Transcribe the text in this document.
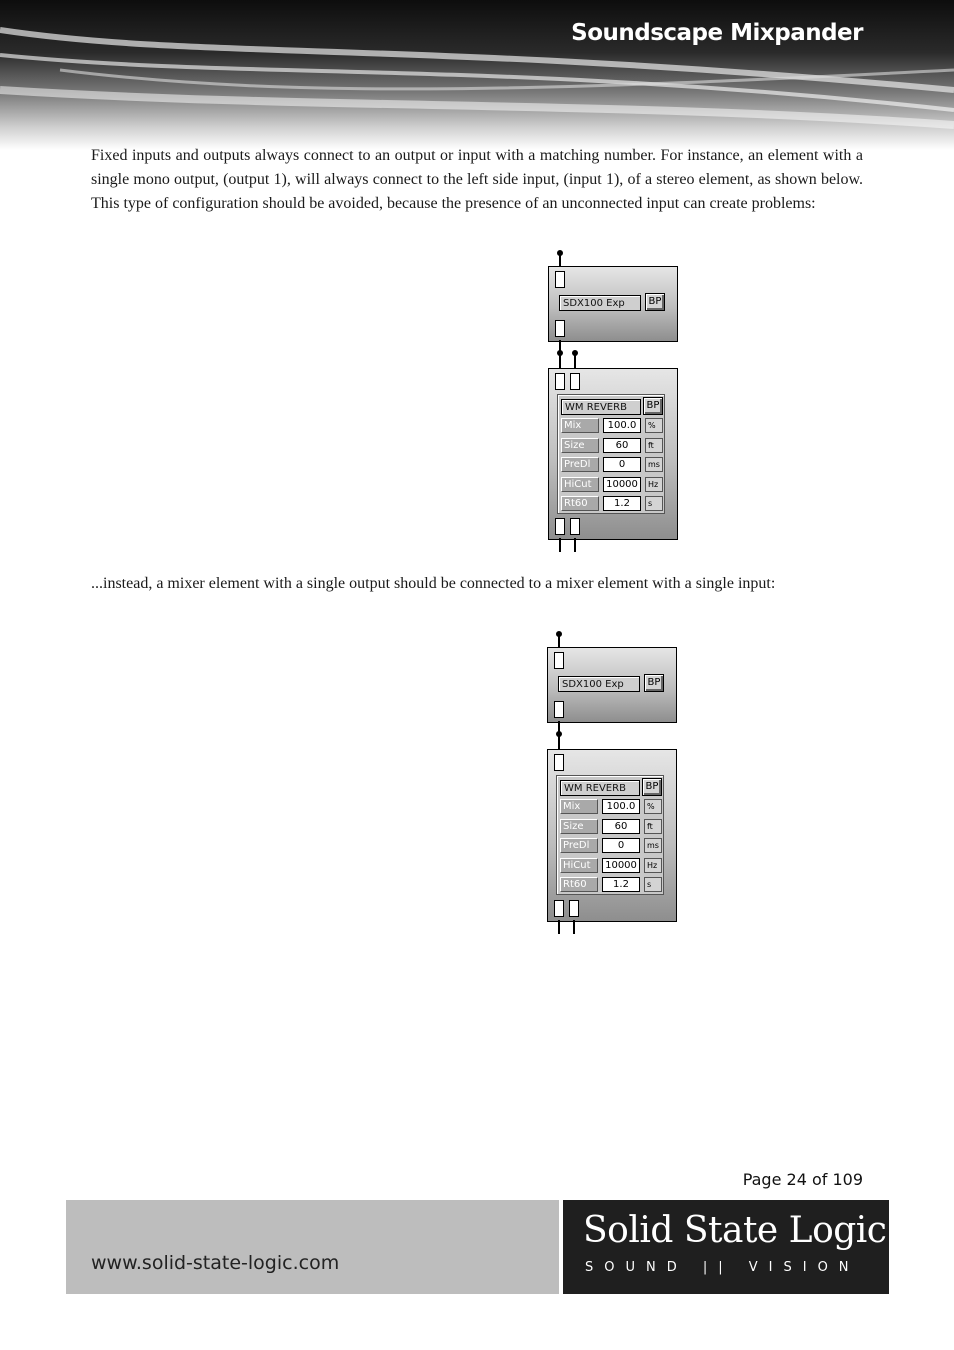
Soundscape Mixpander
Fixed inputs and outputs always connect to an output or input with a matching number. For instance, an element with a single mono output, (output 1), will always connect to the left side input, (input 1), of a stereo element, as shown below. This type of configuration should be avoided, because the presence of an unconnected input can create problems:
...instead, a mixer element with a single output should be connected to a mixer element with a single input:
SDX100 Exp	BP
WM REVERB	BP
Mix	100.0	%
Size	60	ft
PreDl	0	ms
HiCut	10000	Hz
Rt60	1.2	s
SDX100 Exp	BP
WM REVERB	BP
Mix	100.0	%
Size	60	ft
PreDl	0	ms
HiCut	10000	Hz
Rt60	1.2	s
Page 24 of 109
www.solid-state-logic.com
Solid State Logic
SOUND || VISION
